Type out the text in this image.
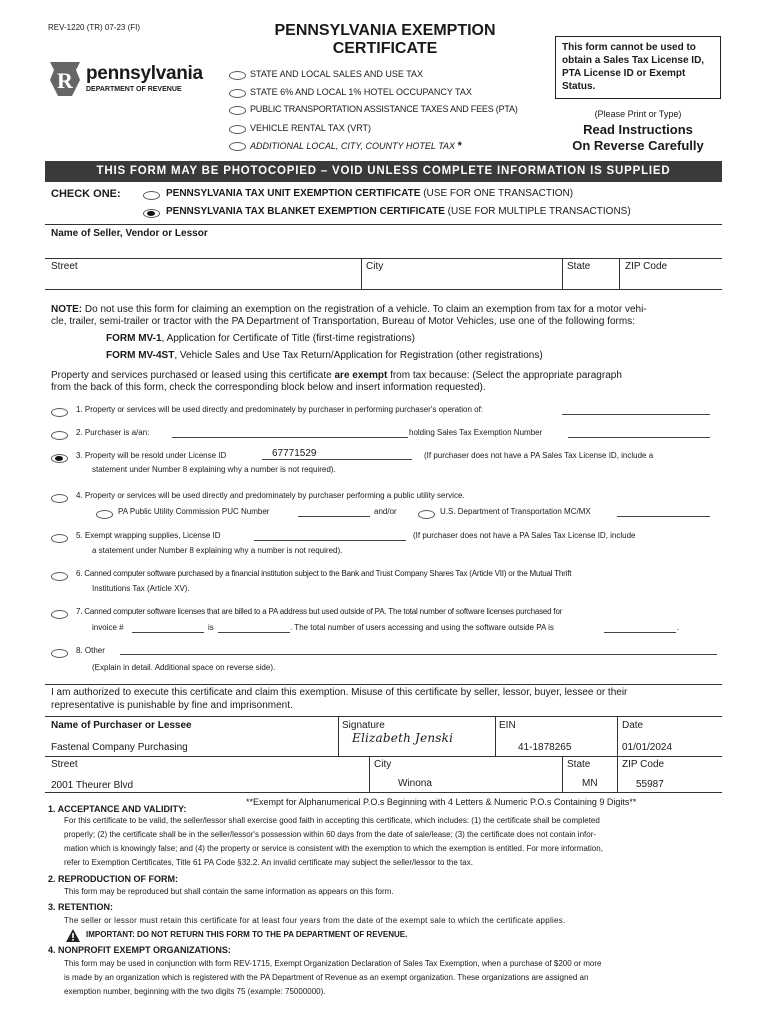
REV-1220 (TR) 07-23 (FI)
R pennsylvania
DEPARTMENT OF REVENUE
PENNSYLVANIA EXEMPTION
CERTIFICATE
STATE AND LOCAL SALES AND USE TAX
STATE 6% AND LOCAL 1% HOTEL OCCUPANCY TAX
PUBLIC TRANSPORTATION ASSISTANCE TAXES AND FEES (PTA)
VEHICLE RENTAL TAX (VRT)
ADDITIONAL LOCAL, CITY, COUNTY HOTEL TAX *
This form cannot be used to obtain a Sales Tax License ID, PTA License ID or Exempt Status.
(Please Print or Type)
Read Instructions
On Reverse Carefully
THIS FORM MAY BE PHOTOCOPIED – VOID UNLESS COMPLETE INFORMATION IS SUPPLIED
CHECK ONE:	PENNSYLVANIA TAX UNIT EXEMPTION CERTIFICATE (USE FOR ONE TRANSACTION)
PENNSYLVANIA TAX BLANKET EXEMPTION CERTIFICATE (USE FOR MULTIPLE TRANSACTIONS)
Name of Seller, Vendor or Lessor
Street	City	State	ZIP Code
NOTE: Do not use this form for claiming an exemption on the registration of a vehicle. To claim an exemption from tax for a motor vehi-
cle, trailer, semi-trailer or tractor with the PA Department of Transportation, Bureau of Motor Vehicles, use one of the following forms:
FORM MV-1, Application for Certificate of Title (first-time registrations)
FORM MV-4ST, Vehicle Sales and Use Tax Return/Application for Registration (other registrations)
Property and services purchased or leased using this certificate are exempt from tax because: (Select the appropriate paragraph
from the back of this form, check the corresponding block below and insert information requested).
1. Property or services will be used directly and predominately by purchaser in performing purchaser's operation of:
2. Purchaser is a/an:	holding Sales Tax Exemption Number
3. Property will be resold under License ID	67771529	(If purchaser does not have a PA Sales Tax License ID, include a
statement under Number 8 explaining why a number is not required).
4. Property or services will be used directly and predominately by purchaser performing a public utility service.
PA Public Utility Commission PUC Number	and/or	U.S. Department of Transportation MC/MX
5. Exempt wrapping supplies, License ID	(If purchaser does not have a PA Sales Tax License ID, include
a statement under Number 8 explaining why a number is not required).
6. Canned computer software purchased by a financial institution subject to the Bank and Trust Company Shares Tax (Article VII) or the Mutual Thrift
Institutions Tax (Article XV).
7. Canned computer software licenses that are billed to a PA address but used outside of PA. The total number of software licenses purchased for
invoice #	is	. The total number of users accessing and using the software outside PA is	.
8. Other
(Explain in detail. Additional space on reverse side).
I am authorized to execute this certificate and claim this exemption. Misuse of this certificate by seller, lessor, buyer, lessee or their
representative is punishable by fine and imprisonment.
Name of Purchaser or Lessee
Fastenal Company Purchasing
Signature
Elizabeth Jenski
EIN
41-1878265
Date
01/01/2024
Street
2001 Theurer Blvd
City
Winona
State
MN
ZIP Code
55987
**Exempt for Alphanumerical P.O.s Beginning with 4 Letters & Numeric P.O.s Containing 9 Digits**
1. ACCEPTANCE AND VALIDITY:
For this certificate to be valid, the seller/lessor shall exercise good faith in accepting this certificate, which includes: (1) the certificate shall be completed
properly; (2) the certificate shall be in the seller/lessor's possession within 60 days from the date of sale/lease; (3) the certificate does not contain infor-
mation which is knowingly false; and (4) the property or service is consistent with the exemption to which the exemption is entitled. For more information,
refer to Exemption Certificates, Title 61 PA Code §32.2. An invalid certificate may subject the seller/lessor to the tax.
2. REPRODUCTION OF FORM:
This form may be reproduced but shall contain the same information as appears on this form.
3. RETENTION:
The seller or lessor must retain this certificate for at least four years from the date of the exempt sale to which the certificate applies.
IMPORTANT: DO NOT RETURN THIS FORM TO THE PA DEPARTMENT OF REVENUE.
4. NONPROFIT EXEMPT ORGANIZATIONS:
This form may be used in conjunction with form REV-1715, Exempt Organization Declaration of Sales Tax Exemption, when a purchase of $200 or more
is made by an organization which is registered with the PA Department of Revenue as an exempt organization. These organizations are assigned an
exemption number, beginning with the two digits 75 (example: 75000000).
